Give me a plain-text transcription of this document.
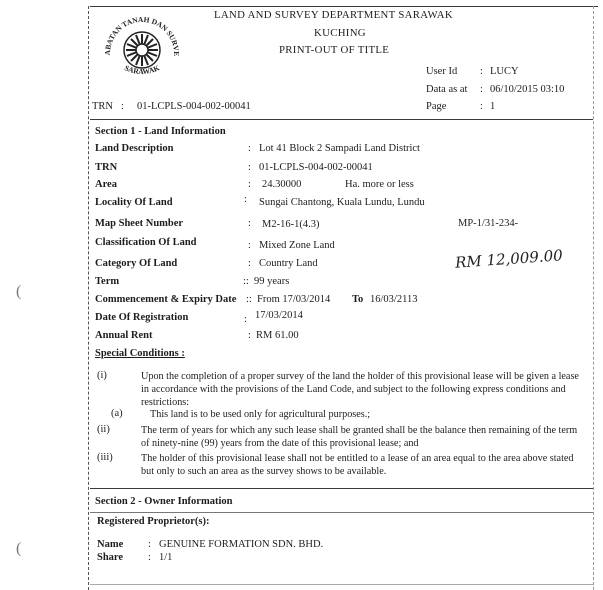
(
(
ABATAN TANAH DAN SURVE
SARAWAK
LAND AND SURVEY DEPARTMENT SARAWAK
KUCHING
PRINT-OUT OF TITLE
User Id : LUCY
Data as at : 06/10/2015 03:10
Page	: 1
TRN : 01-LCPLS-004-002-00041
Section 1 - Land Information
Land Description	: Lot 41 Block 2 Sampadi Land District
TRN	: 01-LCPLS-004-002-00041
Area	: 24.30000	Ha. more or less
Locality Of Land	: Sungai Chantong, Kuala Lundu, Lundu
Map Sheet Number	: M2-16-1(4.3)	MP-1/31-234-
Classification Of Land	: Mixed Zone Land
Category Of Land	: Country Land
Term	:: 99 years
Commencement & Expiry Date :: From 17/03/2014 To 16/03/2113
Date Of Registration	: 17/03/2014
Annual Rent	: RM 61.00
RM 12,009.00
Special Conditions :
(i)	Upon the completion of a proper survey of the land the holder of this provisional lease will be given a lease in accordance with the provisions of the Land Code, and subject to the following express conditions and restrictions:
(a)	This land is to be used only for agricultural purposes.;
(ii)	The term of years for which any such lease shall be granted shall be the balance then remaining of the term of ninety-nine (99) years from the date of this provisional lease; and
(iii)	The holder of this provisional lease shall not be entitled to a lease of an area equal to the area above stated but only to such an area as the survey shows to be available.
Section 2 - Owner Information
Registered Proprietor(s):
Name : GENUINE FORMATION SDN. BHD.
Share : 1/1
